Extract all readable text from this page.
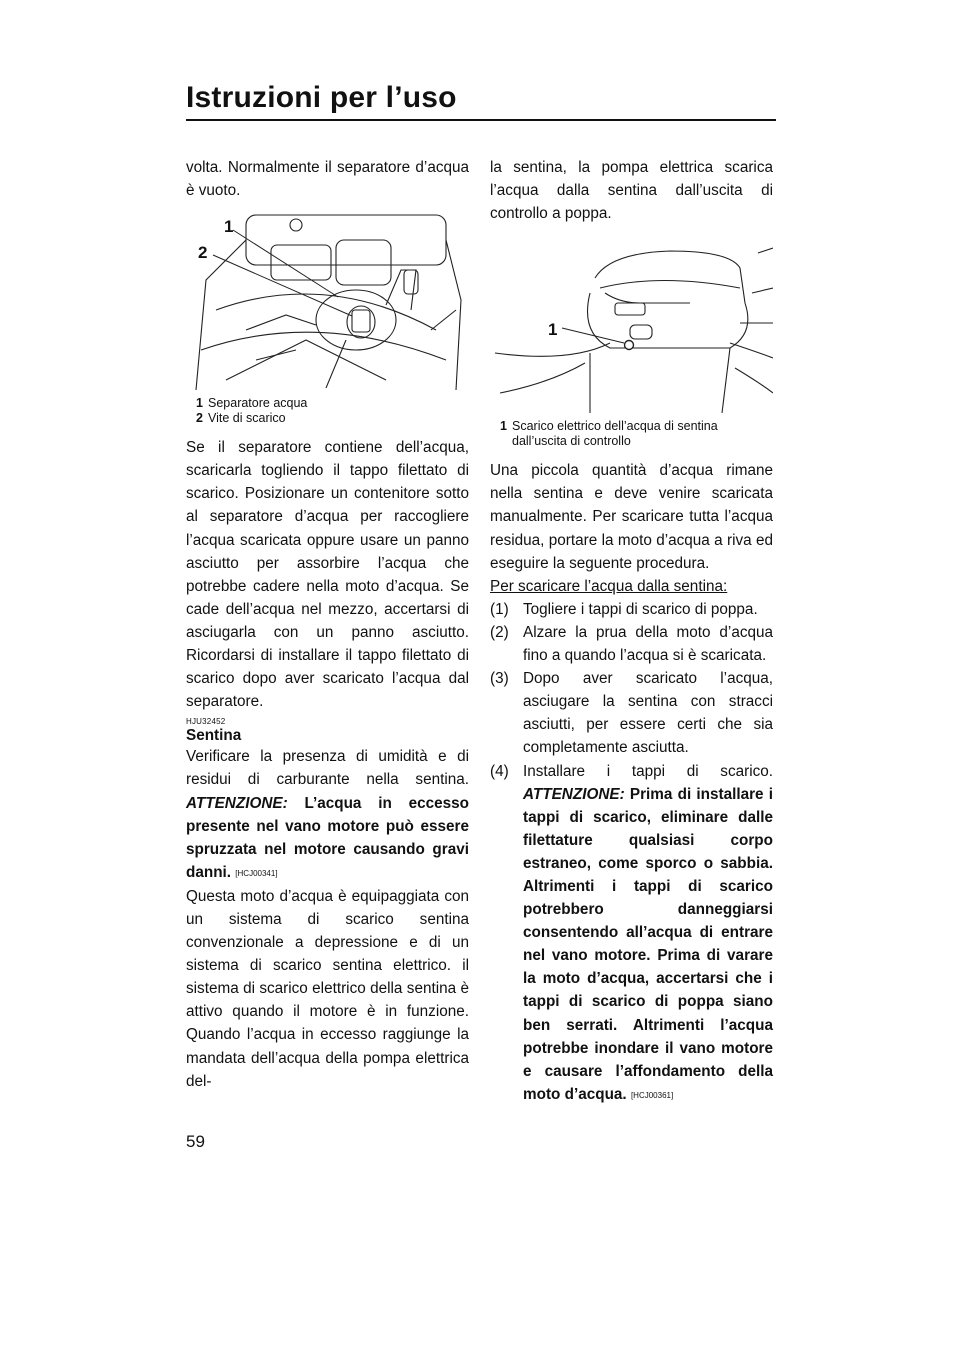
Istruzioni per l’uso

volta. Normalmente il separatore d’acqua è vuoto.

1
2
1 Separatore acqua
2 Vite di scarico

Se il separatore contiene dell’acqua, scaricarla togliendo il tappo filettato di scarico. Posizionare un contenitore sotto al separatore d’acqua per raccogliere l’acqua scaricata oppure usare un panno asciutto per assorbire l’acqua che potrebbe cadere nella moto d’acqua. Se cade dell’acqua nel mezzo, accertarsi di asciugarla con un panno asciutto. Ricordarsi di installare il tappo filettato di scarico dopo aver scaricato l’acqua dal separatore.

HJU32452
Sentina

Verificare la presenza di umidità e di residui di carburante nella sentina. ATTENZIONE: L’acqua in eccesso presente nel vano motore può essere spruzzata nel motore causando gravi danni. [HCJ00341]

Questa moto d’acqua è equipaggiata con un sistema di scarico sentina convenzionale a depressione e di un sistema di scarico sentina elettrico. il sistema di scarico elettrico della sentina è attivo quando il motore è in funzione. Quando l’acqua in eccesso raggiunge la mandata dell’acqua della pompa elettrica del-

la sentina, la pompa elettrica scarica l’acqua dalla sentina dall’uscita di controllo a poppa.

1
1 Scarico elettrico dell’acqua di sentina dall’uscita di controllo

Una piccola quantità d’acqua rimane nella sentina e deve venire scaricata manualmente. Per scaricare tutta l’acqua residua, portare la moto d’acqua a riva ed eseguire la seguente procedura.

Per scaricare l’acqua dalla sentina:
(1) Togliere i tappi di scarico di poppa.
(2) Alzare la prua della moto d’acqua fino a quando l’acqua si è scaricata.
(3) Dopo aver scaricato l’acqua, asciugare la sentina con stracci asciutti, per essere certi che sia completamente asciutta.
(4) Installare i tappi di scarico. ATTENZIONE: Prima di installare i tappi di scarico, eliminare dalle filettature qualsiasi corpo estraneo, come sporco o sabbia. Altrimenti i tappi di scarico potrebbero danneggiarsi consentendo all’acqua di entrare nel vano motore. Prima di varare la moto d’acqua, accertarsi che i tappi di scarico di poppa siano ben serrati. Altrimenti l’acqua potrebbe inondare il vano motore e causare l’affondamento della moto d’acqua. [HCJ00361]
59
